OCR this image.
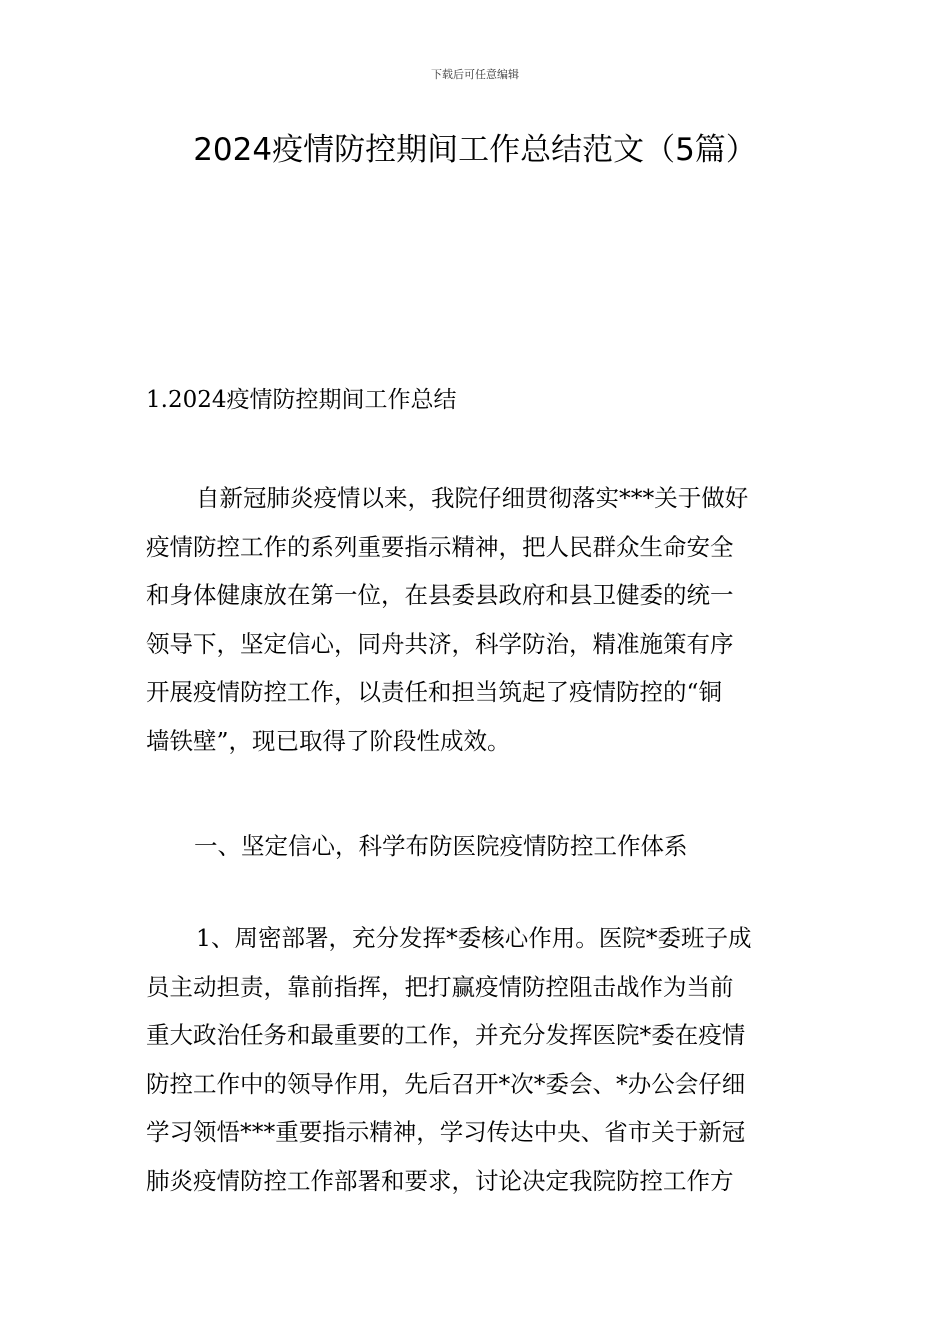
下载后可任意编辑
2024疫情防控期间工作总结范文（5篇）
1.2024疫情防控期间工作总结
自新冠肺炎疫情以来，我院仔细贯彻落实***关于做好
疫情防控工作的系列重要指示精神，把人民群众生命安全
和身体健康放在第一位，在县委县政府和县卫健委的统一
领导下，坚定信心，同舟共济，科学防治，精准施策有序
开展疫情防控工作，以责任和担当筑起了疫情防控的“铜
墙铁壁”，现已取得了阶段性成效。
一、坚定信心，科学布防医院疫情防控工作体系
1、周密部署，充分发挥*委核心作用。医院*委班子成
员主动担责，靠前指挥，把打赢疫情防控阻击战作为当前
重大政治任务和最重要的工作，并充分发挥医院*委在疫情
防控工作中的领导作用，先后召开*次*委会、*办公会仔细
学习领悟***重要指示精神，学习传达中央、省市关于新冠
肺炎疫情防控工作部署和要求，讨论决定我院防控工作方
